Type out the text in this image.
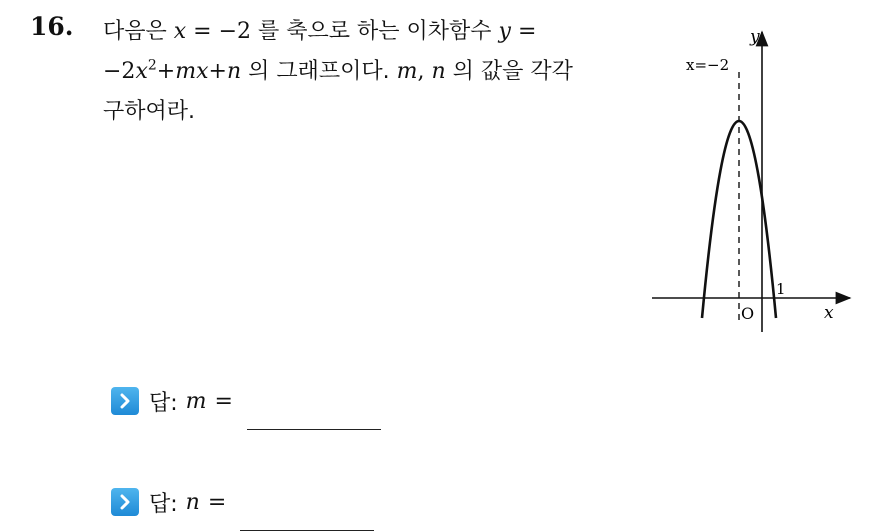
16. 다음은 x = −2 를 축으로 하는 이차함수 y =
$-2x^2+mx+n$ 의 그래프이다. m, n 의 값을 각각
구하여라.
y
x
x=−2
O
1
답: m =
답: n =
